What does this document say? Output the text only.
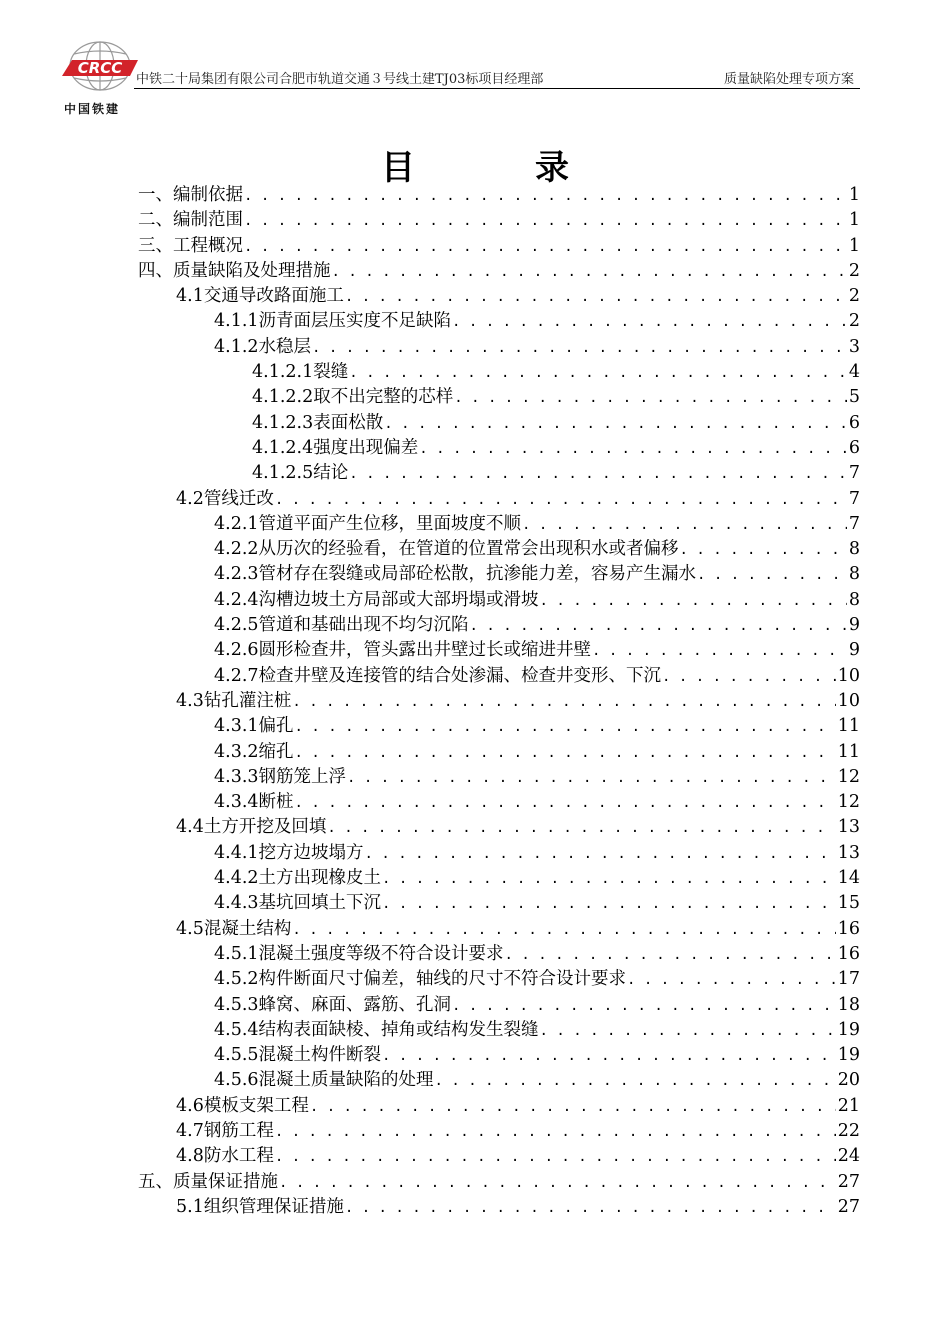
CRCC
中国铁建
中铁二十局集团有限公司合肥市轨道交通３号线土建TJ03标项目经理部	质量缺陷处理专项方案
目录
一、编制依据 . . .	1
二、编制范围 . . .	1
三、工程概况 . . .	1
四、质量缺陷及处理措施 . . .	2
4.1交通导改路面施工 . . .	2
4.1.1沥青面层压实度不足缺陷 . . .	2
4.1.2水稳层 . . .	3
4.1.2.1裂缝 . . .	4
4.1.2.2取不出完整的芯样 . . .	5
4.1.2.3表面松散 . . .	6
4.1.2.4强度出现偏差 . . .	6
4.1.2.5结论 . . .	7
4.2管线迁改 . . .	7
4.2.1管道平面产生位移，里面坡度不顺 . . .	7
4.2.2从历次的经验看，在管道的位置常会出现积水或者偏移 . . .	8
4.2.3管材存在裂缝或局部砼松散，抗渗能力差，容易产生漏水 . . .	8
4.2.4沟槽边坡土方局部或大部坍塌或滑坡 . . .	8
4.2.5管道和基础出现不均匀沉陷 . . .	9
4.2.6圆形检查井，管头露出井壁过长或缩进井壁 . . .	9
4.2.7检查井壁及连接管的结合处渗漏、检查井变形、下沉 . . .	10
4.3钻孔灌注桩 . . .	10
4.3.1偏孔 . . .	11
4.3.2缩孔 . . .	11
4.3.3钢筋笼上浮 . . .	12
4.3.4断桩 . . .	12
4.4土方开挖及回填 . . .	13
4.4.1挖方边坡塌方 . . .	13
4.4.2土方出现橡皮土 . . .	14
4.4.3基坑回填土下沉 . . .	15
4.5混凝土结构 . . .	16
4.5.1混凝土强度等级不符合设计要求 . . .	16
4.5.2构件断面尺寸偏差，轴线的尺寸不符合设计要求 . . .	17
4.5.3蜂窝、麻面、露筋、孔洞 . . .	18
4.5.4结构表面缺棱、掉角或结构发生裂缝 . . .	19
4.5.5混凝土构件断裂 . . .	19
4.5.6混凝土质量缺陷的处理 . . .	20
4.6模板支架工程 . . .	21
4.7钢筋工程 . . .	22
4.8防水工程 . . .	24
五、质量保证措施 . . .	27
5.1组织管理保证措施 . . .	27
